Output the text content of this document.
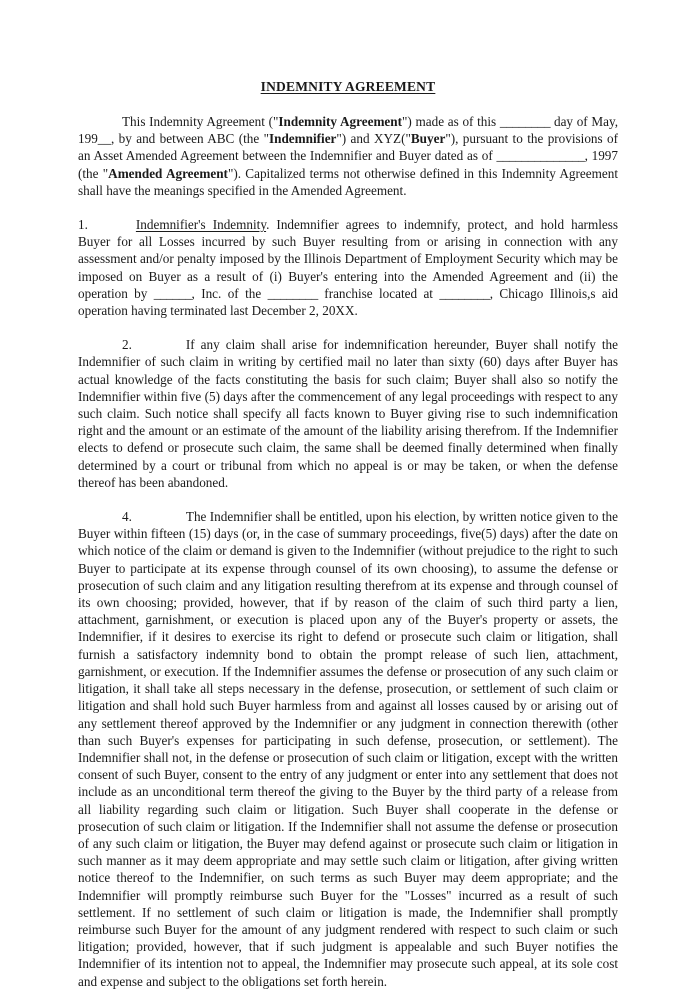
INDEMNITY AGREEMENT

This Indemnity Agreement ("Indemnity Agreement") made as of this ________ day of May, 199__, by and between ABC (the "Indemnifier") and XYZ("Buyer"), pursuant to the provisions of an Asset Amended Agreement between the Indemnifier and Buyer dated as of ______________, 1997 (the "Amended Agreement"). Capitalized terms not otherwise defined in this Indemnity Agreement shall have the meanings specified in the Amended Agreement.

1.	Indemnifier's Indemnity. Indemnifier agrees to indemnify, protect, and hold harmless Buyer for all Losses incurred by such Buyer resulting from or arising in connection with any assessment and/or penalty imposed by the Illinois Department of Employment Security which may be imposed on Buyer as a result of (i) Buyer's entering into the Amended Agreement and (ii) the operation by ______, Inc. of the ________ franchise located at ________, Chicago Illinois,s aid operation having terminated last December 2, 20XX.

2.	If any claim shall arise for indemnification hereunder, Buyer shall notify the Indemnifier of such claim in writing by certified mail no later than sixty (60) days after Buyer has actual knowledge of the facts constituting the basis for such claim; Buyer shall also so notify the Indemnifier within five (5) days after the commencement of any legal proceedings with respect to any such claim. Such notice shall specify all facts known to Buyer giving rise to such indemnification right and the amount or an estimate of the amount of the liability arising therefrom. If the Indemnifier elects to defend or prosecute such claim, the same shall be deemed finally determined when finally determined by a court or tribunal from which no appeal is or may be taken, or when the defense thereof has been abandoned.

4.	The Indemnifier shall be entitled, upon his election, by written notice given to the Buyer within fifteen (15) days (or, in the case of summary proceedings, five(5) days) after the date on which notice of the claim or demand is given to the Indemnifier (without prejudice to the right to such Buyer to participate at its expense through counsel of its own choosing), to assume the defense or prosecution of such claim and any litigation resulting therefrom at its expense and through counsel of its own choosing; provided, however, that if by reason of the claim of such third party a lien, attachment, garnishment, or execution is placed upon any of the Buyer's property or assets, the Indemnifier, if it desires to exercise its right to defend or prosecute such claim or litigation, shall furnish a satisfactory indemnity bond to obtain the prompt release of such lien, attachment, garnishment, or execution. If the Indemnifier assumes the defense or prosecution of any such claim or litigation, it shall take all steps necessary in the defense, prosecution, or settlement of such claim or litigation and shall hold such Buyer harmless from and against all losses caused by or arising out of any settlement thereof approved by the Indemnifier or any judgment in connection therewith (other than such Buyer's expenses for participating in such defense, prosecution, or settlement). The Indemnifier shall not, in the defense or prosecution of such claim or litigation, except with the written consent of such Buyer, consent to the entry of any judgment or enter into any settlement that does not include as an unconditional term thereof the giving to the Buyer by the third party of a release from all liability regarding such claim or litigation. Such Buyer shall cooperate in the defense or prosecution of such claim or litigation. If the Indemnifier shall not assume the defense or prosecution of any such claim or litigation, the Buyer may defend against or prosecute such claim or litigation in such manner as it may deem appropriate and may settle such claim or litigation, after giving written notice thereof to the Indemnifier, on such terms as such Buyer may deem appropriate; and the Indemnifier will promptly reimburse such Buyer for the "Losses" incurred as a result of such settlement. If no settlement of such claim or litigation is made, the Indemnifier shall promptly reimburse such Buyer for the amount of any judgment rendered with respect to such claim or such litigation; provided, however, that if such judgment is appealable and such Buyer notifies the Indemnifier of its intention not to appeal, the Indemnifier may prosecute such appeal, at its sole cost and expense and subject to the obligations set forth herein.
